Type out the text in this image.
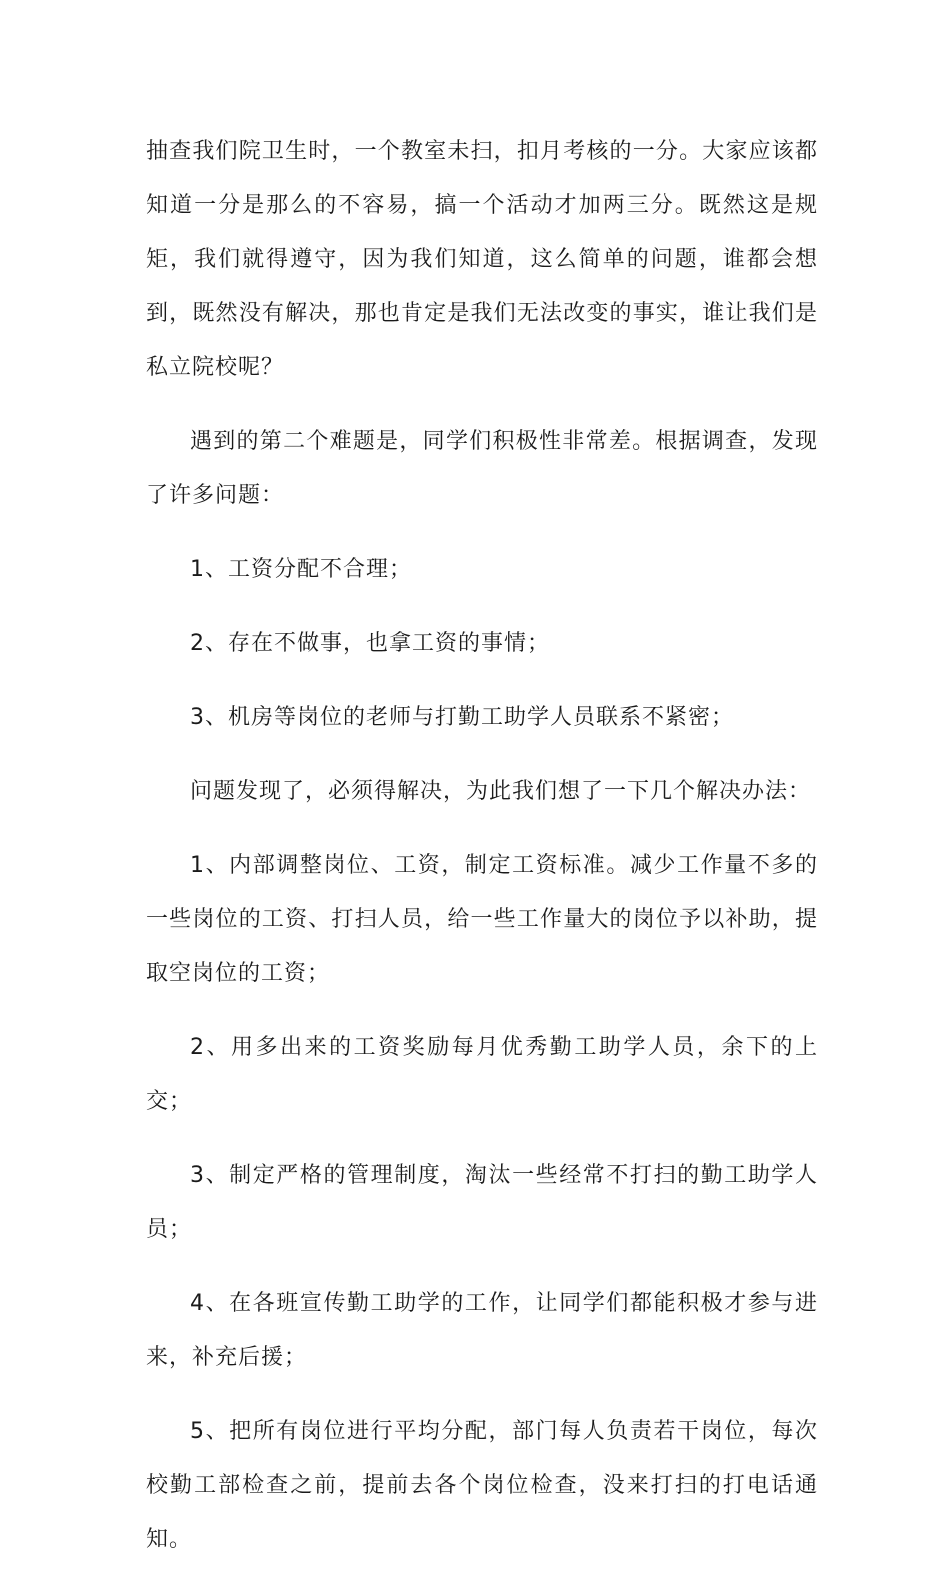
抽查我们院卫生时，一个教室未扫，扣月考核的一分。大家应该都知道一分是那么的不容易，搞一个活动才加两三分。既然这是规矩，我们就得遵守，因为我们知道，这么简单的问题，谁都会想到，既然没有解决，那也肯定是我们无法改变的事实，谁让我们是私立院校呢？

遇到的第二个难题是，同学们积极性非常差。根据调查，发现了许多问题：

1、工资分配不合理；

2、存在不做事，也拿工资的事情；

3、机房等岗位的老师与打勤工助学人员联系不紧密；

问题发现了，必须得解决，为此我们想了一下几个解决办法：

1、内部调整岗位、工资，制定工资标准。减少工作量不多的一些岗位的工资、打扫人员，给一些工作量大的岗位予以补助，提取空岗位的工资；

2、用多出来的工资奖励每月优秀勤工助学人员，余下的上交；

3、制定严格的管理制度，淘汰一些经常不打扫的勤工助学人员；

4、在各班宣传勤工助学的工作，让同学们都能积极才参与进来，补充后援；

5、把所有岗位进行平均分配，部门每人负责若干岗位，每次校勤工部检查之前，提前去各个岗位检查，没来打扫的打电话通知。
